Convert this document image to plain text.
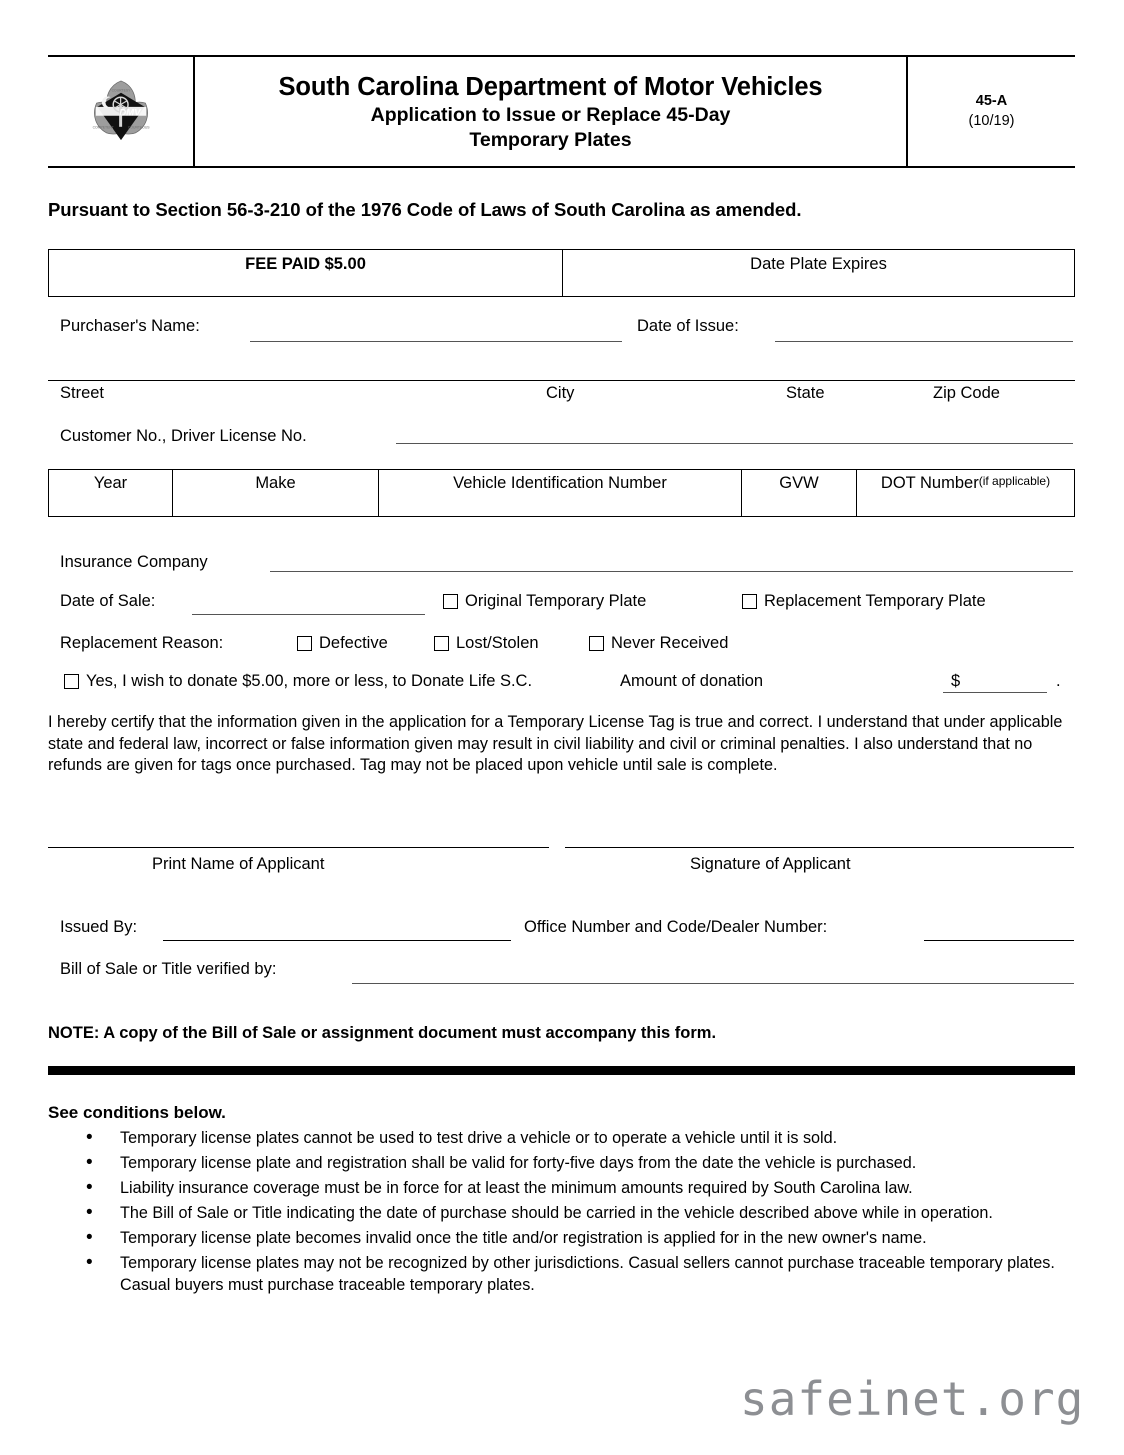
DMV
COURTESY
COMPETENT	COURTEOUS
South Carolina Department of Motor Vehicles
Application to Issue or Replace 45-Day
Temporary Plates
45-A
(10/19)
Pursuant to Section 56-3-210 of the 1976 Code of Laws of South Carolina as amended.
FEE PAID $5.00	Date Plate Expires
Purchaser's Name:	Date of Issue:
Street	City	State	Zip Code
Customer No., Driver License No.
Year	Make	Vehicle Identification Number	GVW	DOT Number (if applicable)
Insurance Company
Date of Sale:	Original Temporary Plate	Replacement Temporary Plate
Replacement Reason:	Defective	Lost/Stolen	Never Received
Yes, I wish to donate $5.00, more or less, to Donate Life S.C.	Amount of donation	$	.
I hereby certify that the information given in the application for a Temporary License Tag is true and correct. I understand that under applicable state and federal law, incorrect or false information given may result in civil liability and civil or criminal penalties. I also understand that no refunds are given for tags once purchased. Tag may not be placed upon vehicle until sale is complete.
Print Name of Applicant	Signature of Applicant
Issued By:	Office Number and Code/Dealer Number:
Bill of Sale or Title verified by:
NOTE: A copy of the Bill of Sale or assignment document must accompany this form.
See conditions below.
• Temporary license plates cannot be used to test drive a vehicle or to operate a vehicle until it is sold.
• Temporary license plate and registration shall be valid for forty-five days from the date the vehicle is purchased.
• Liability insurance coverage must be in force for at least the minimum amounts required by South Carolina law.
• The Bill of Sale or Title indicating the date of purchase should be carried in the vehicle described above while in operation.
• Temporary license plate becomes invalid once the title and/or registration is applied for in the new owner's name.
• Temporary license plates may not be recognized by other jurisdictions. Casual sellers cannot purchase traceable temporary plates. Casual buyers must purchase traceable temporary plates.
safeinet.org
